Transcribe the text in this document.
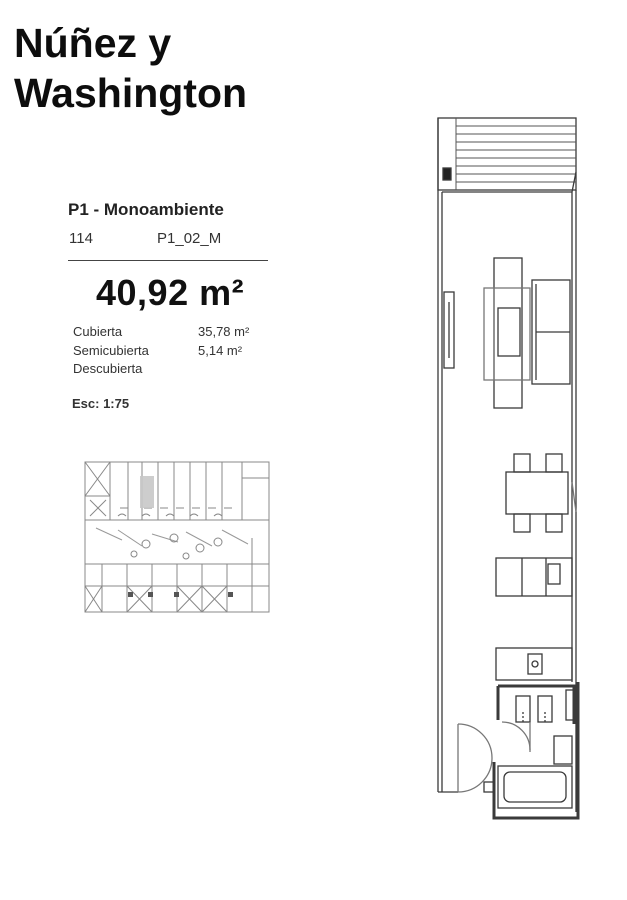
Núñez y
Washington
P1 - Monoambiente
114	P1_02_M
40,92 m²
Cubierta	35,78 m²
Semicubierta	5,14 m²
Descubierta
Esc: 1:75
